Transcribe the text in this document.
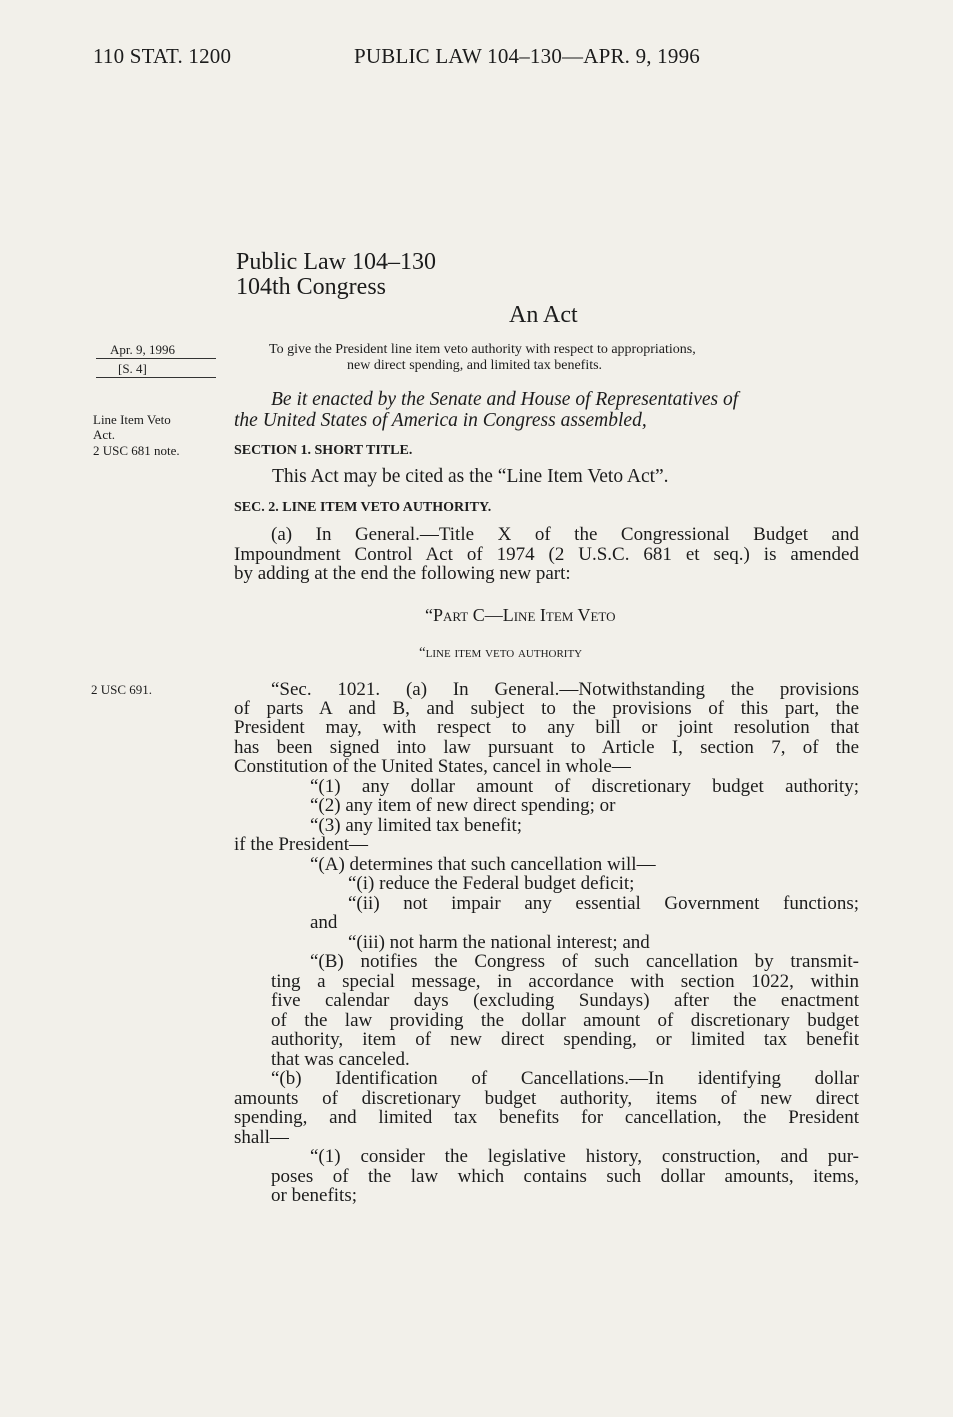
110 STAT. 1200	PUBLIC LAW 104–130—APR. 9, 1996
Public Law 104–130
104th Congress
An Act
Apr. 9, 1996
[S. 4]
Line Item Veto
Act.
2 USC 681 note.
2 USC 691.
To give the President line item veto authority with respect to appropriations,
new direct spending, and limited tax benefits.
Be it enacted by the Senate and House of Representatives of
the United States of America in Congress assembled,
SECTION 1. SHORT TITLE.
This Act may be cited as the “Line Item Veto Act”.
SEC. 2. LINE ITEM VETO AUTHORITY.
(a) In General.—Title X of the Congressional Budget and
Impoundment Control Act of 1974 (2 U.S.C. 681 et seq.) is amended
by adding at the end the following new part:
“Part C—Line Item Veto
“line item veto authority
“Sec. 1021. (a) In General.—Notwithstanding the provisions
of parts A and B, and subject to the provisions of this part, the
President may, with respect to any bill or joint resolution that
has been signed into law pursuant to Article I, section 7, of the
Constitution of the United States, cancel in whole—
“(1) any dollar amount of discretionary budget authority;
“(2) any item of new direct spending; or
“(3) any limited tax benefit;
if the President—
“(A) determines that such cancellation will—
“(i) reduce the Federal budget deficit;
“(ii) not impair any essential Government functions;
and
“(iii) not harm the national interest; and
“(B) notifies the Congress of such cancellation by transmit-
ting a special message, in accordance with section 1022, within
five calendar days (excluding Sundays) after the enactment
of the law providing the dollar amount of discretionary budget
authority, item of new direct spending, or limited tax benefit
that was canceled.
“(b) Identification of Cancellations.—In identifying dollar
amounts of discretionary budget authority, items of new direct
spending, and limited tax benefits for cancellation, the President
shall—
“(1) consider the legislative history, construction, and pur-
poses of the law which contains such dollar amounts, items,
or benefits;
